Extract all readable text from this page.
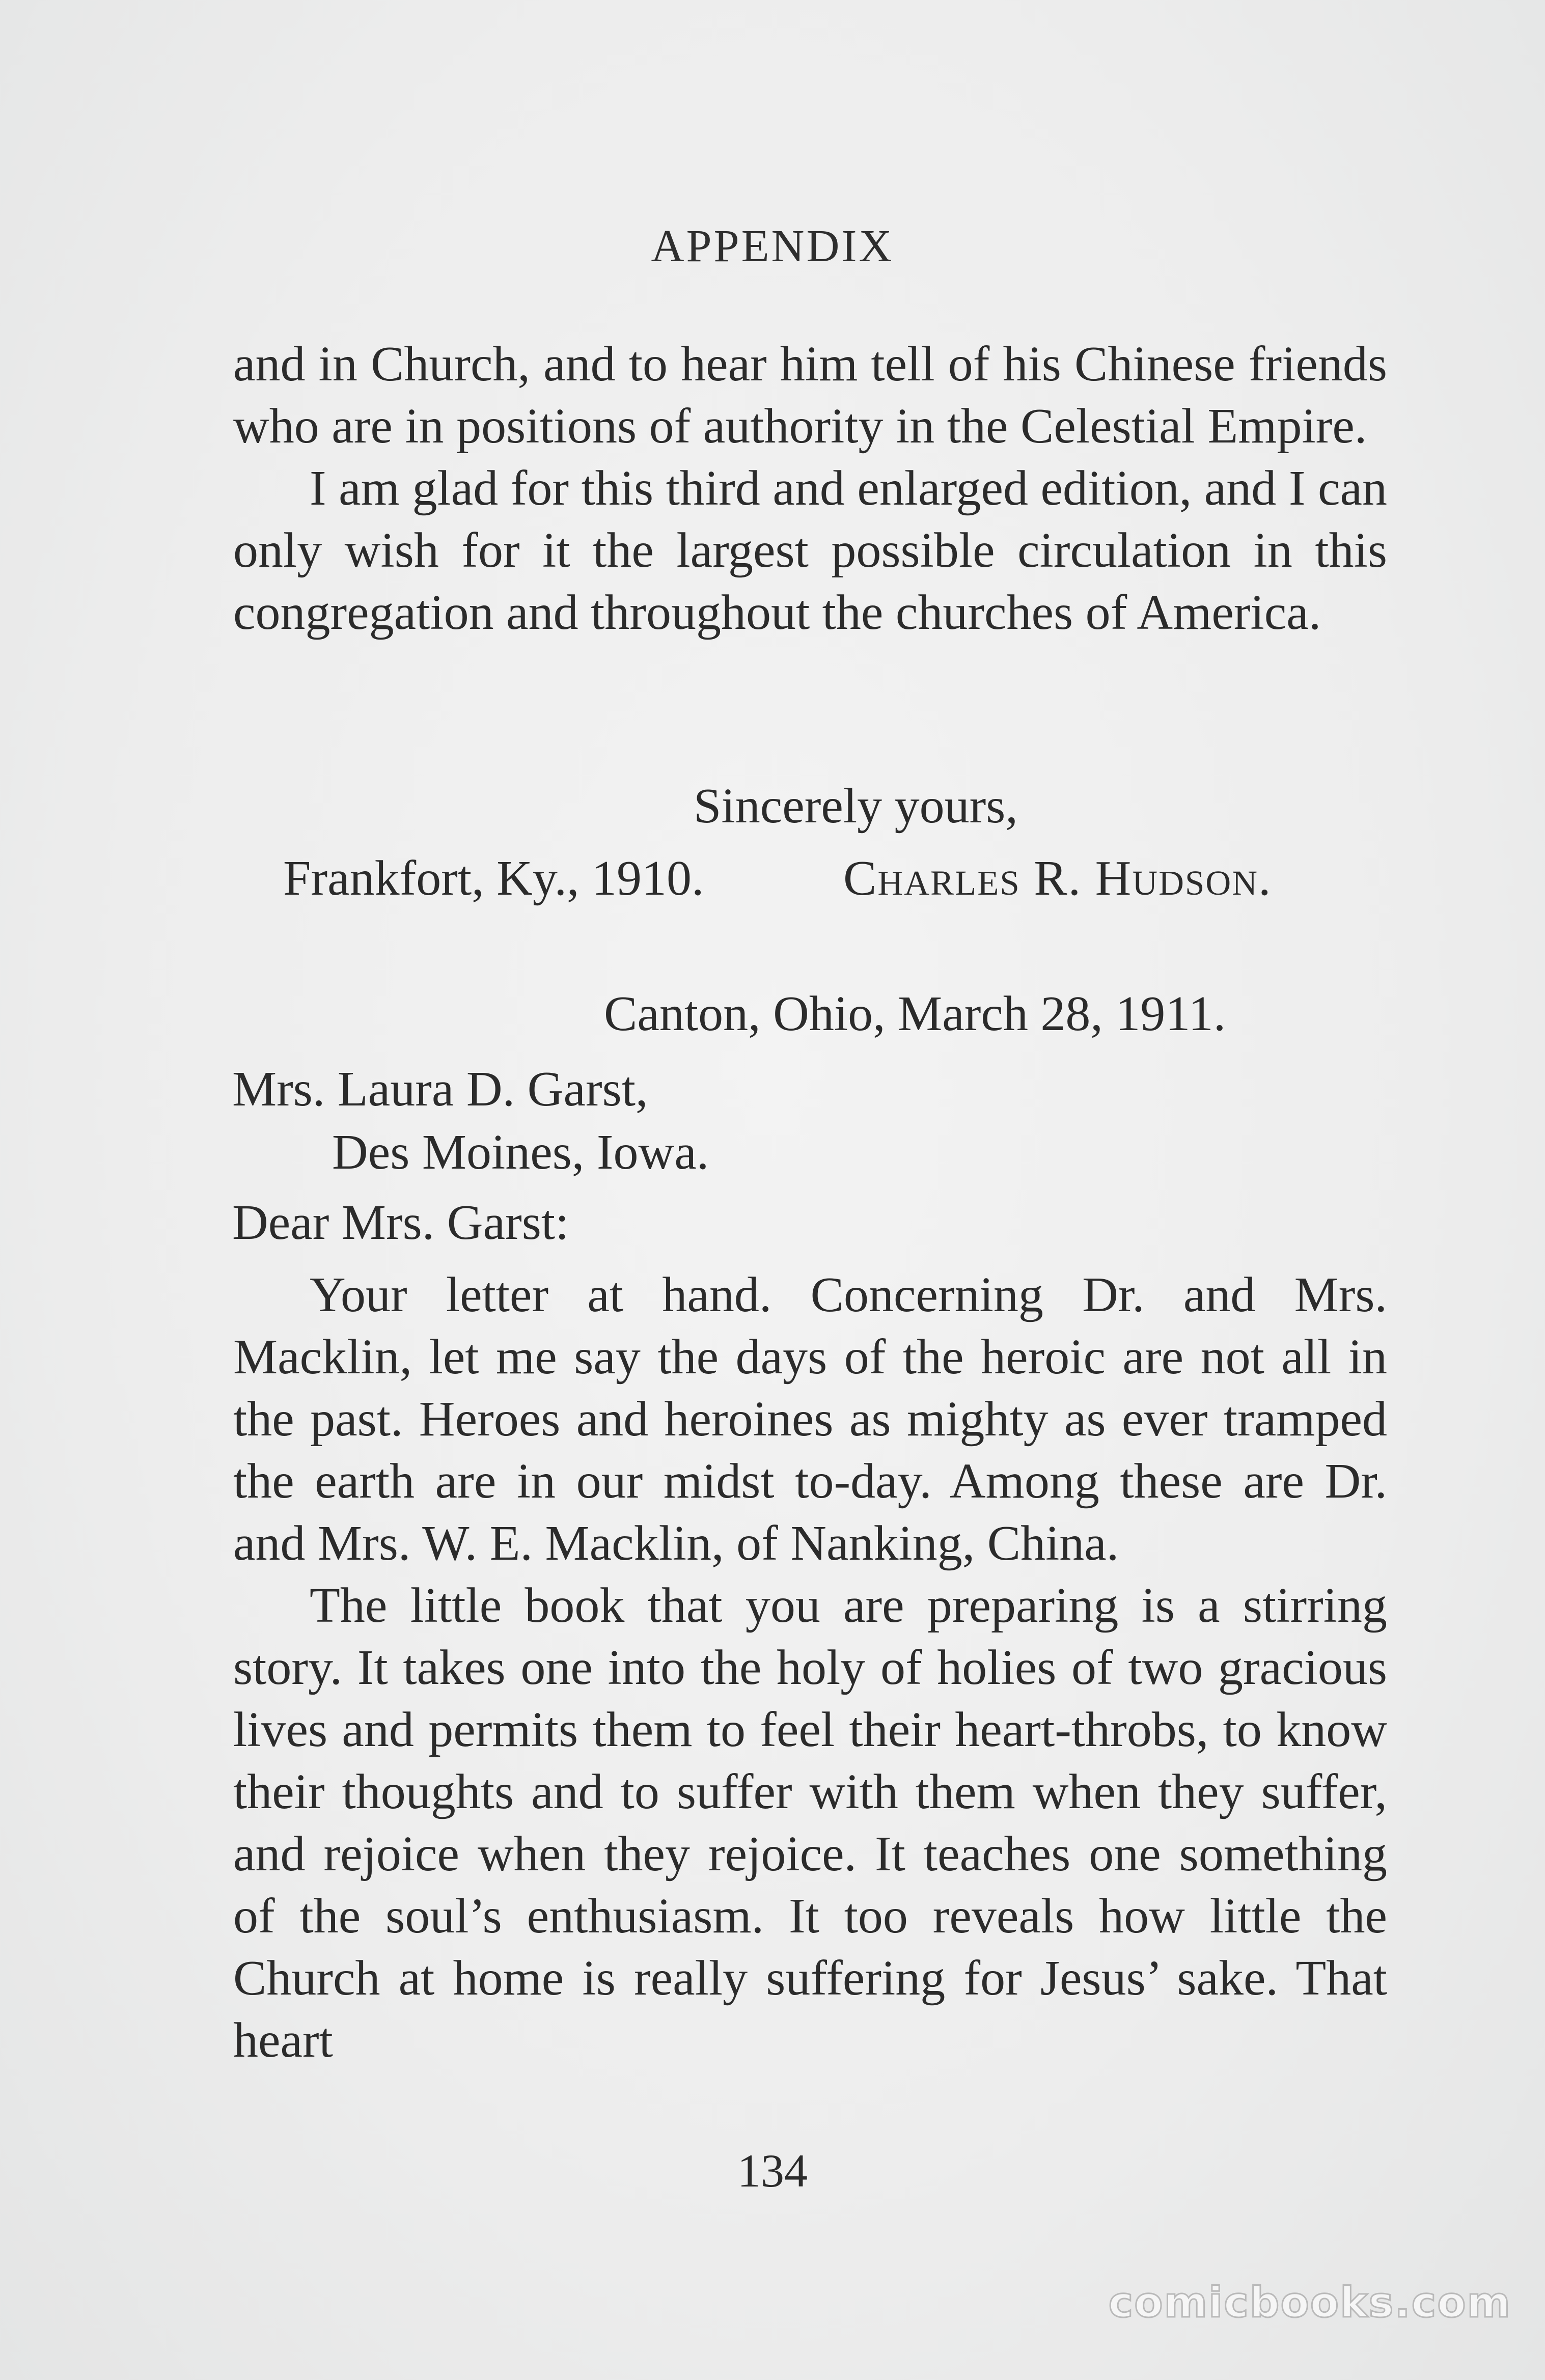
APPENDIX

and in Church, and to hear him tell of his Chinese friends who are in positions of authority in the Celestial Empire.

I am glad for this third and enlarged edition, and I can only wish for it the largest possible circulation in this congregation and throughout the churches of America.

Sincerely yours,
Frankfort, Ky., 1910.	Charles R. Hudson.
Canton, Ohio, March 28, 1911.
Mrs. Laura D. Garst,
Des Moines, Iowa.
Dear Mrs. Garst:

Your letter at hand. Concerning Dr. and Mrs. Macklin, let me say the days of the heroic are not all in the past. Heroes and heroines as mighty as ever tramped the earth are in our midst to-day. Among these are Dr. and Mrs. W. E. Macklin, of Nanking, China.

The little book that you are preparing is a stirring story. It takes one into the holy of holies of two gracious lives and permits them to feel their heart-throbs, to know their thoughts and to suffer with them when they suffer, and rejoice when they rejoice. It teaches one something of the soul’s enthusiasm. It too reveals how little the Church at home is really suffering for Jesus’ sake. That heart

134
comicbooks.com
